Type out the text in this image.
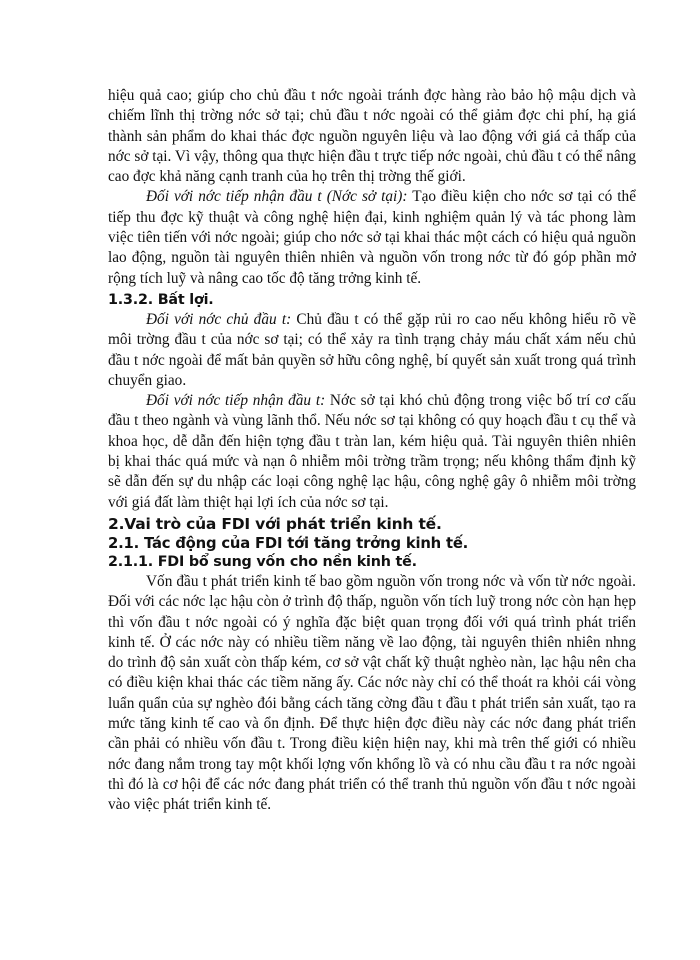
hiệu quả cao; giúp cho chủ đầu t nớc ngoài tránh đợc hàng rào bảo hộ mậu dịch và chiếm lĩnh thị trờng nớc sở tại; chủ đầu t nớc ngoài có thể giảm đợc chi phí, hạ giá thành sản phẩm do khai thác đợc nguồn nguyên liệu và lao động với giá cả thấp của nớc sở tại. Vì vậy, thông qua thực hiện đầu t trực tiếp nớc ngoài, chủ đầu t có thể nâng cao đợc khả năng cạnh tranh của họ trên thị trờng thế giới.

Đối với nớc tiếp nhận đầu t (Nớc sở tại): Tạo điều kiện cho nớc sơ tại có thể tiếp thu đợc kỹ thuật và công nghệ hiện đại, kinh nghiệm quản lý và tác phong làm việc tiên tiến với nớc ngoài; giúp cho nớc sở tại khai thác một cách có hiệu quả nguồn lao động, nguồn tài nguyên thiên nhiên và nguồn vốn trong nớc từ đó góp phần mở rộng tích luỹ và nâng cao tốc độ tăng trởng kinh tế.

1.3.2. Bất lợi.

Đối với nớc chủ đầu t: Chủ đầu t có thể gặp rủi ro cao nếu không hiểu rõ về môi trờng đầu t của nớc sơ tại; có thể xảy ra tình trạng chảy máu chất xám nếu chủ đầu t nớc ngoài để mất bản quyền sở hữu công nghệ, bí quyết sản xuất trong quá trình chuyển giao.

Đối với nớc tiếp nhận đầu t: Nớc sở tại khó chủ động trong việc bố trí cơ cấu đầu t theo ngành và vùng lãnh thổ. Nếu nớc sơ tại không có quy hoạch đầu t cụ thể và khoa học, dễ dẫn đến hiện tợng đầu t tràn lan, kém hiệu quả. Tài nguyên thiên nhiên bị khai thác quá mức và nạn ô nhiễm môi trờng trầm trọng; nếu không thẩm định kỹ sẽ dẫn đến sự du nhập các loại công nghệ lạc hậu, công nghệ gây ô nhiễm môi trờng với giá đất làm thiệt hại lợi ích của nớc sơ tại.

2.Vai trò của FDI với phát triển kinh tế.

2.1. Tác động của FDI tới tăng trởng kinh tế.

2.1.1. FDI bổ sung vốn cho nền kinh tế.

Vốn đầu t phát triển kinh tế bao gồm nguồn vốn trong nớc và vốn từ nớc ngoài. Đối với các nớc lạc hậu còn ở trình độ thấp, nguồn vốn tích luỹ trong nớc còn hạn hẹp thì vốn đầu t nớc ngoài có ý nghĩa đặc biệt quan trọng đối với quá trình phát triển kinh tế. Ở các nớc này có nhiều tiềm năng về lao động, tài nguyên thiên nhiên nhng do trình độ sản xuất còn thấp kém, cơ sở vật chất kỹ thuật nghèo nàn, lạc hậu nên cha có điều kiện khai thác các tiềm năng ấy. Các nớc này chỉ có thể thoát ra khỏi cái vòng luẩn quẩn của sự nghèo đói bằng cách tăng cờng đầu t đầu t phát triển sản xuất, tạo ra mức tăng kinh tế cao và ổn định. Để thực hiện đợc điều này các nớc đang phát triển cần phải có nhiều vốn đầu t. Trong điều kiện hiện nay, khi mà trên thế giới có nhiều nớc đang nắm trong tay một khối lợng vốn khổng lồ và có nhu cầu đầu t ra nớc ngoài thì đó là cơ hội để các nớc đang phát triển có thể tranh thủ nguồn vốn đầu t nớc ngoài vào việc phát triển kinh tế.
